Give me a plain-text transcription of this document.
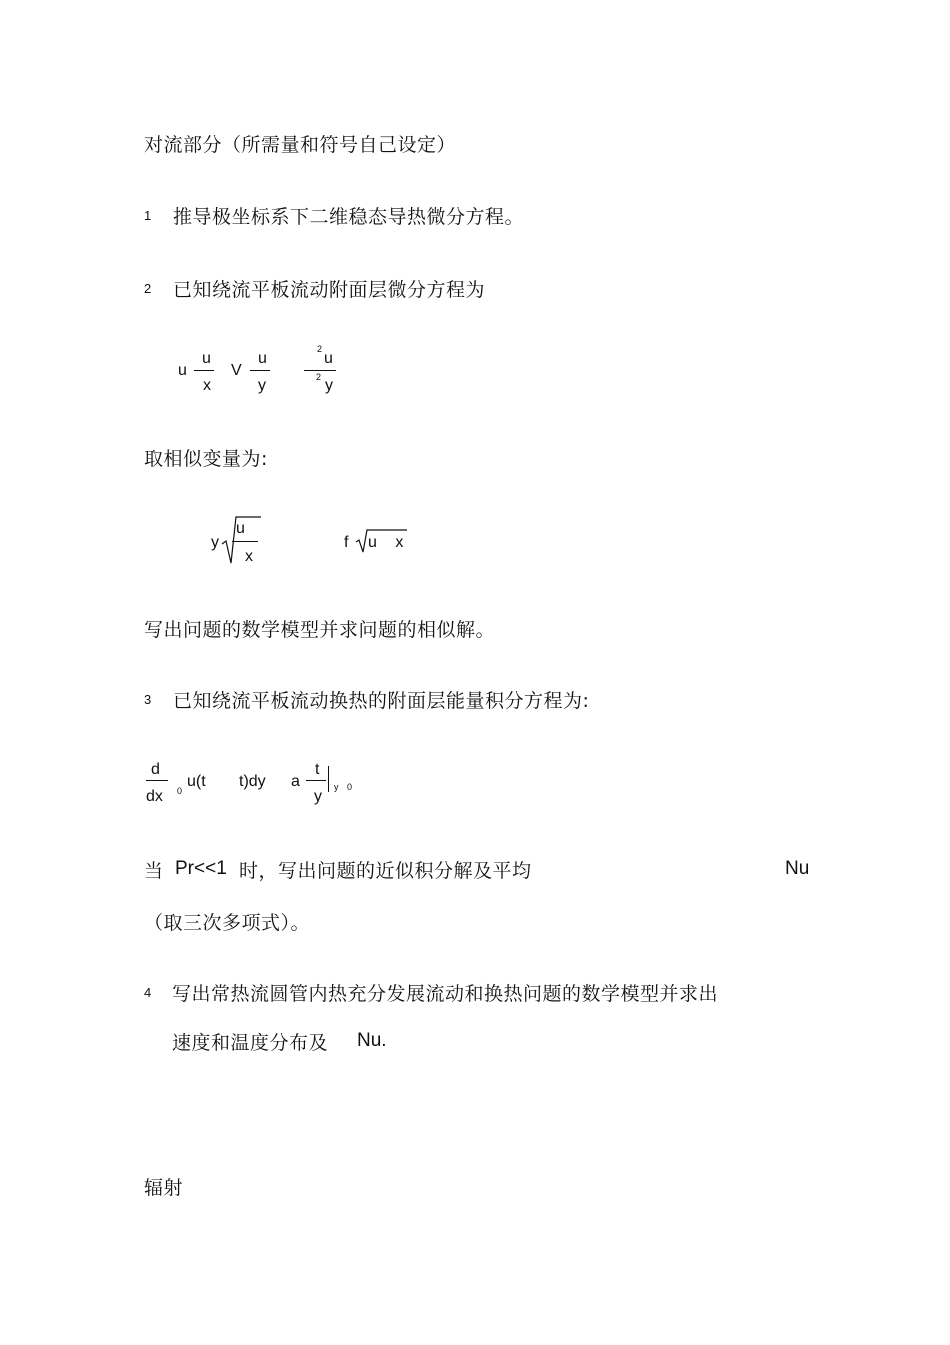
对流部分（所需量和符号自己设定）
1 推导极坐标系下二维稳态导热微分方程。
2 已知绕流平板流动附面层微分方程为
u
u
x
V
u
y
2
u
2 y
取相似变量为:
y
u
x
f u x
写出问题的数学模型并求问题的相似解。
3 已知绕流平板流动换热的附面层能量积分方程为:
d
dx 0
u(t t)dy a
t
y
y 0
当 Pr<<1 时，写出问题的近似积分解及平均	Nu
（取三次多项式）。
4 写出常热流圆管内热充分发展流动和换热问题的数学模型并求出
速度和温度分布及 Nu.
辐射
